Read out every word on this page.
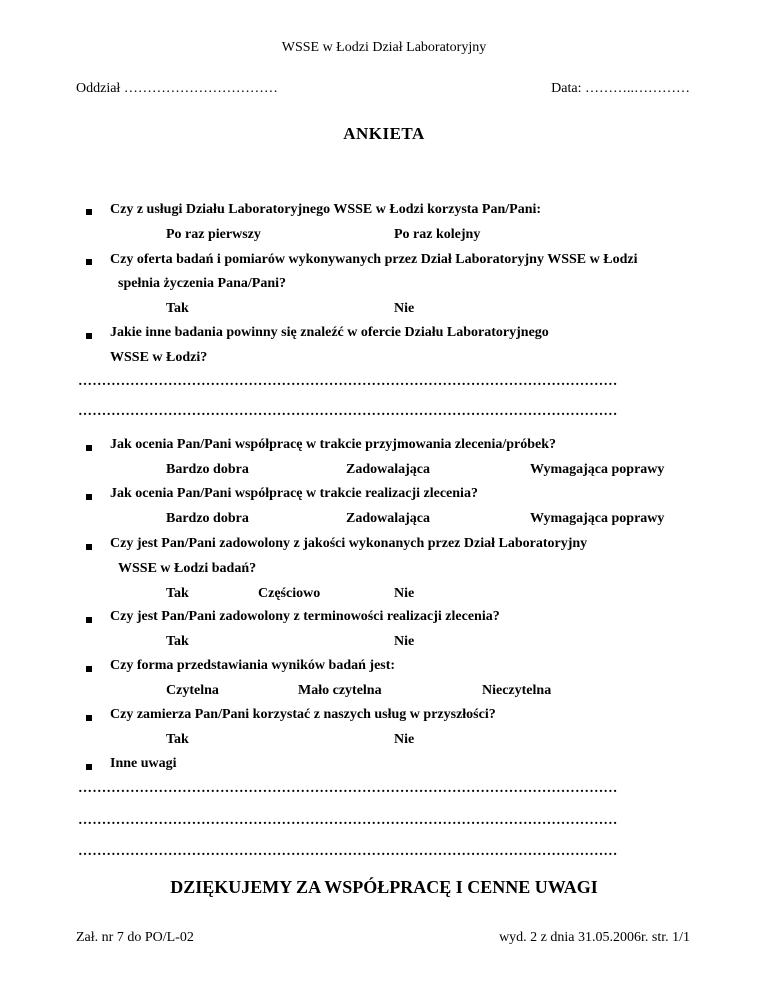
WSSE w Łodzi Dział Laboratoryjny
Oddział ……………………………	Data: ………..…………
ANKIETA
Czy z usługi Działu Laboratoryjnego WSSE w Łodzi korzysta Pan/Pani:
Po raz pierwszy	Po raz kolejny
Czy oferta badań i pomiarów wykonywanych przez Dział Laboratoryjny WSSE w Łodzi
spełnia życzenia Pana/Pani?
Tak	Nie
Jakie inne badania powinny się znaleźć w ofercie Działu Laboratoryjnego
WSSE w Łodzi?
……………………………………………………………………………………………………
……………………………………………………………………………………………………
Jak ocenia Pan/Pani współpracę w trakcie przyjmowania zlecenia/próbek?
Bardzo dobra	Zadowalająca	Wymagająca poprawy
Jak ocenia Pan/Pani współpracę w trakcie realizacji zlecenia?
Bardzo dobra	Zadowalająca	Wymagająca poprawy
Czy jest Pan/Pani zadowolony z jakości wykonanych przez Dział Laboratoryjny
WSSE w Łodzi badań?
Tak	Częściowo	Nie
Czy jest Pan/Pani zadowolony z terminowości realizacji zlecenia?
Tak	Nie
Czy forma przedstawiania wyników badań jest:
Czytelna	Mało czytelna	Nieczytelna
Czy zamierza Pan/Pani korzystać z naszych usług w przyszłości?
Tak	Nie
Inne uwagi
……………………………………………………………………………………………………
……………………………………………………………………………………………………
……………………………………………………………………………………………………
DZIĘKUJEMY ZA WSPÓŁPRACĘ I CENNE UWAGI
Zał. nr 7 do PO/L-02	wyd. 2 z dnia 31.05.2006r. str. 1/1
